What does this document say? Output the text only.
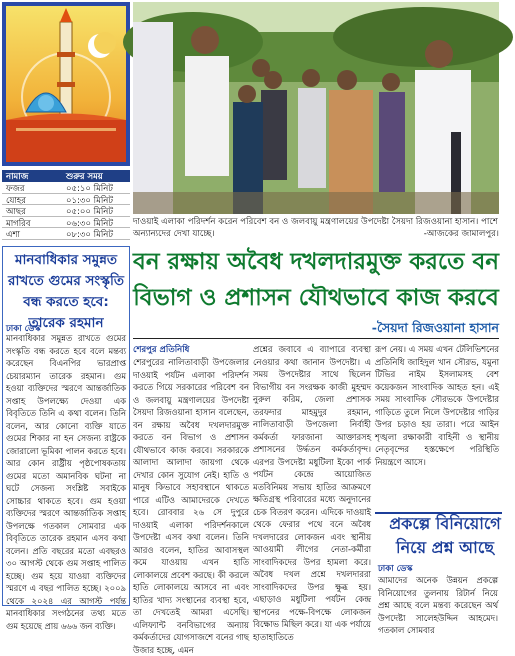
নামাজ	শুরুর সময়
ফজর	০৫:১০ মিনিট
যোহর	০১:৩০ মিনিট
আছর	০৫:০০ মিনিট
মাগরিব	০৬:৩০ মিনিট
এশা	০৮:৩০ মিনিট
দাওয়াই এলাকা পরিদর্শন করেন পরিবেশ বন ও জলবায়ু মন্ত্রণালয়ের উপদেষ্টা সৈয়দা রিজওয়ানা হাসান। পাশে অন্যান্যদের দেখা যাচ্ছে।	-আজকের জামালপুর।
বন রক্ষায় অবৈধ দখলদারমুক্ত করতে বন
বিভাগ ও প্রশাসন যৌথভাবে কাজ করবে
-সৈয়দা রিজওয়ানা হাসান
মানবাধিকার সমুন্নত রাখতে গুমের সংস্কৃতি বন্ধ করতে হবে: তারেক রহমান
ঢাকা ডেস্ক
মানবাধিকার সমুন্নত রাখতে গুমের সংস্কৃতি বন্ধ করতে হবে বলে মন্তব্য করেছেন বিএনপির ভারপ্রাপ্ত চেয়ারম্যান তারেক রহমান। গুম হওয়া ব্যক্তিদের স্মরণে আন্তর্জাতিক সপ্তাহ উপলক্ষ্যে দেওয়া এক বিবৃতিতে তিনি এ কথা বলেন। তিনি বলেন, আর কোনো ব্যক্তি যাতে গুমের শিকার না হন সেজন্য রাষ্ট্রকে জোরালো ভূমিকা পালন করতে হবে। আর কোন রাষ্ট্রীয় পৃষ্ঠপোষকতায় গুমের মতো অমানবিক ঘটনা না ঘটে সেজন্য সংশ্লিষ্ট সবাইকে সোচ্চার থাকতে হবে। গুম হওয়া ব্যক্তিদের স্মরণে আন্তর্জাতিক সপ্তাহ উপলক্ষে গতকাল সোমবার এক বিবৃতিতে তারেক রহমান এসব কথা বলেন। প্রতি বছরের মতো এবছরও ৩০ আগস্ট থেকে গুম সপ্তাহ পালিত হচ্ছে। গুম হয়ে যাওয়া ব্যক্তিদের স্মরণে এ বছর পালিত হচ্ছে। ২০০৯ থেকে ২০২৪ এর আগস্ট পর্যন্ত মানবাধিকার সংগঠনের তথ্য মতে গুম হয়েছে প্রায় ৬৬৬ জন ব্যক্তি।
শেরপুর প্রতিনিধি
শেরপুরের নালিতাবাড়ী উপজেলার দাওয়াই পর্যটন এলাকা পরিদর্শন করতে গিয়ে সরকারের পরিবেশ বন ও জলবায়ু মন্ত্রণালয়ের উপদেষ্টা সৈয়দা রিজওয়ানা হাসান বলেছেন, বন রক্ষায় অবৈধ দখলদারমুক্ত করতে বন বিভাগ ও প্রশাসন যৌথভাবে কাজ করবে। সরকারকে আলাদা আলাদা জায়গা থেকে দেখার কোন সুযোগ নেই। হাতি ও মানুষ কিভাবে সহাবস্থানে থাকতে পারে এটিও আমাদেরকে দেখতে হবে। রোববার ২৬ সে দুপুরে দাওয়াই এলাকা পরিদর্শনকালে উপদেষ্টা এসব কথা বলেন। তিনি আরও বলেন, হাতির আবাসস্থল কমে যাওয়ায় এখন হাতি লোকালয়ে প্রবেশ করছে। কী করলে হাতি লোকালয়ে আসবে না এবং হাতির খাদ্য সংস্থানের ব্যবস্থা হবে, তা দেখতেই আমরা এসেছি। এলিফ্যান্ট বনবিভাগের অন্যায় কর্মকর্তাদের যোগসাজশে বনের গাছ উজার হচ্ছে, এমন
প্রশ্নের জবাবে এ ব্যাপারে ব্যবস্থা নেওয়ার কথা জানান উপদেষ্টা। এ সময় উপদেষ্টার সাথে ছিলেন বিভাগীয় বন সংরক্ষক কাজী মুহম্মদ নুরুল করিম, জেলা প্রশাসক তরফদার মাহমুদুর রহমান, নালিতাবাড়ী উপজেলা নির্বাহী কর্মকর্তা ফারজানা আক্তারসহ প্রশাসনের উর্দ্ধতন কর্মকর্তাবৃন্দ। এরপর উপদেষ্টা মধুটিলা ইকো পার্ক পর্যটন কেন্দ্রে আয়োজিত মতবিনিময় সভায় হাতির আক্রমণে ক্ষতিগ্রস্থ পরিবারের মধ্যে অনুদানের চেক বিতরণ করেন। এদিকে দাওয়াই থেকে ফেরার পথে বনে অবৈধ দখলদারের লোকজন এবং স্থানীয় আওয়ামী লীগের নেতা-কর্মীরা সাংবাদিকদের উপর হামলা করে। অবৈধ দখল প্রশ্নে দখলদাররা সাংবাদিকদের উপর ক্ষুব্ধ হয়। এছাড়াও মধুটিলা পর্যটন কেন্দ্র স্থাপনের পক্ষে-বিপক্ষে লোকজন বিক্ষোভ মিছিল করে। যা এক পর্যায়ে হাতাহাতিতে
রূপ নেয়। এ সময় এখন টেলিভিশনের প্রতিনিধি জাহিদুল খান সৌরভ, যমুনা টিভির নাইম ইসলামসহ বেশ কয়েকজন সাংবাদিক আহত হন। এই সময় সাংবাদিক সৌরভকে উপদেষ্টার গাড়িতে তুলে নিলে উপদেষ্টার গাড়ির উপর চড়াও হয় তারা। পরে আইন শৃঙ্খলা রক্ষাকারী বাহিনী ও স্থানীয় নেতৃবৃন্দের হস্তক্ষেপে পরিস্থিতি নিয়ন্ত্রণে আসে।
প্রকল্পে বিনিয়োগে
নিয়ে প্রশ্ন আছে
ঢাকা ডেস্ক
আমাদের অনেক উন্নয়ন প্রকল্পে বিনিয়োগের তুলনায় রিটার্ন নিয়ে প্রশ্ন আছে বলে মন্তব্য করেছেন অর্থ উপদেষ্টা সালেহউদ্দিন আহমেদ। গতকাল সোমবার
